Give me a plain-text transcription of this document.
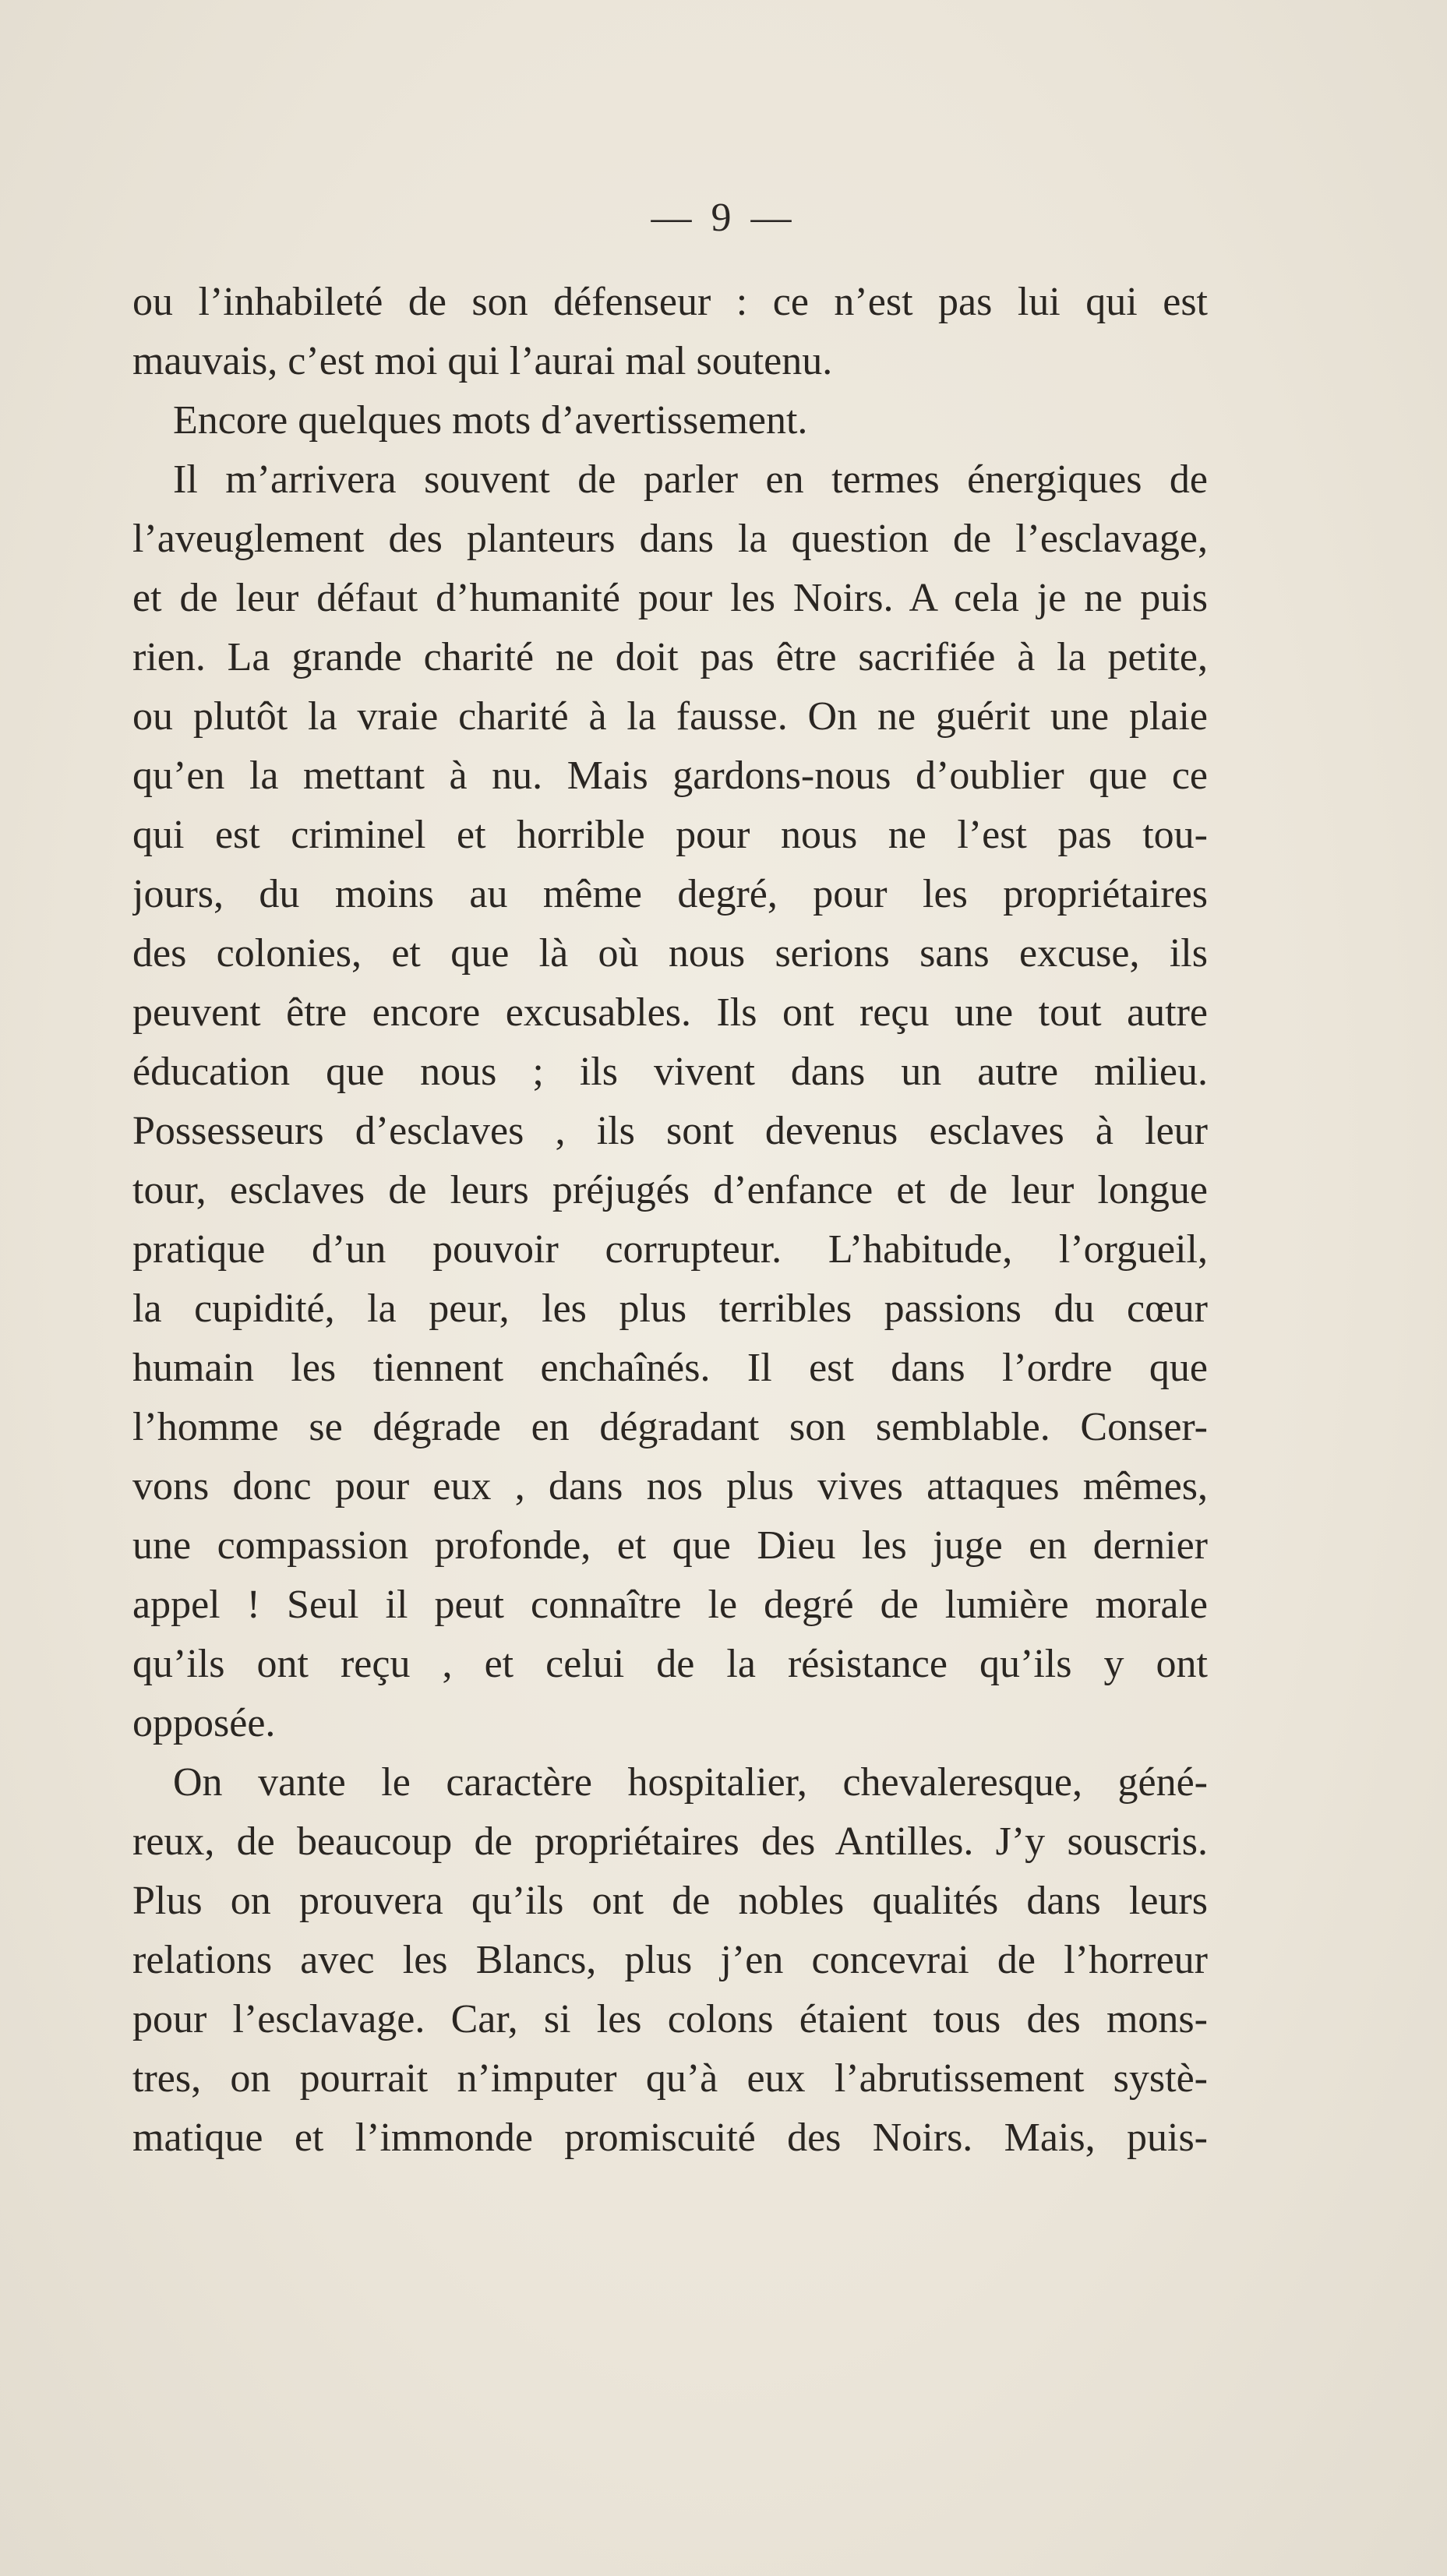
— 9 —
ou l’inhabileté de son défenseur : ce n’est pas lui qui est
mauvais, c’est moi qui l’aurai mal soutenu.
Encore quelques mots d’avertissement.
Il m’arrivera souvent de parler en termes énergiques de
l’aveuglement des planteurs dans la question de l’esclavage,
et de leur défaut d’humanité pour les Noirs. A cela je ne puis
rien. La grande charité ne doit pas être sacrifiée à la petite,
ou plutôt la vraie charité à la fausse. On ne guérit une plaie
qu’en la mettant à nu. Mais gardons-nous d’oublier que ce
qui est criminel et horrible pour nous ne l’est pas tou-
jours, du moins au même degré, pour les propriétaires
des colonies, et que là où nous serions sans excuse, ils
peuvent être encore excusables. Ils ont reçu une tout autre
éducation que nous ; ils vivent dans un autre milieu.
Possesseurs d’esclaves , ils sont devenus esclaves à leur
tour, esclaves de leurs préjugés d’enfance et de leur longue
pratique d’un pouvoir corrupteur. L’habitude, l’orgueil,
la cupidité, la peur, les plus terribles passions du cœur
humain les tiennent enchaînés. Il est dans l’ordre que
l’homme se dégrade en dégradant son semblable. Conser-
vons donc pour eux , dans nos plus vives attaques mêmes,
une compassion profonde, et que Dieu les juge en dernier
appel ! Seul il peut connaître le degré de lumière morale
qu’ils ont reçu , et celui de la résistance qu’ils y ont
opposée.
On vante le caractère hospitalier, chevaleresque, géné-
reux, de beaucoup de propriétaires des Antilles. J’y souscris.
Plus on prouvera qu’ils ont de nobles qualités dans leurs
relations avec les Blancs, plus j’en concevrai de l’horreur
pour l’esclavage. Car, si les colons étaient tous des mons-
tres, on pourrait n’imputer qu’à eux l’abrutissement systè-
matique et l’immonde promiscuité des Noirs. Mais, puis-
